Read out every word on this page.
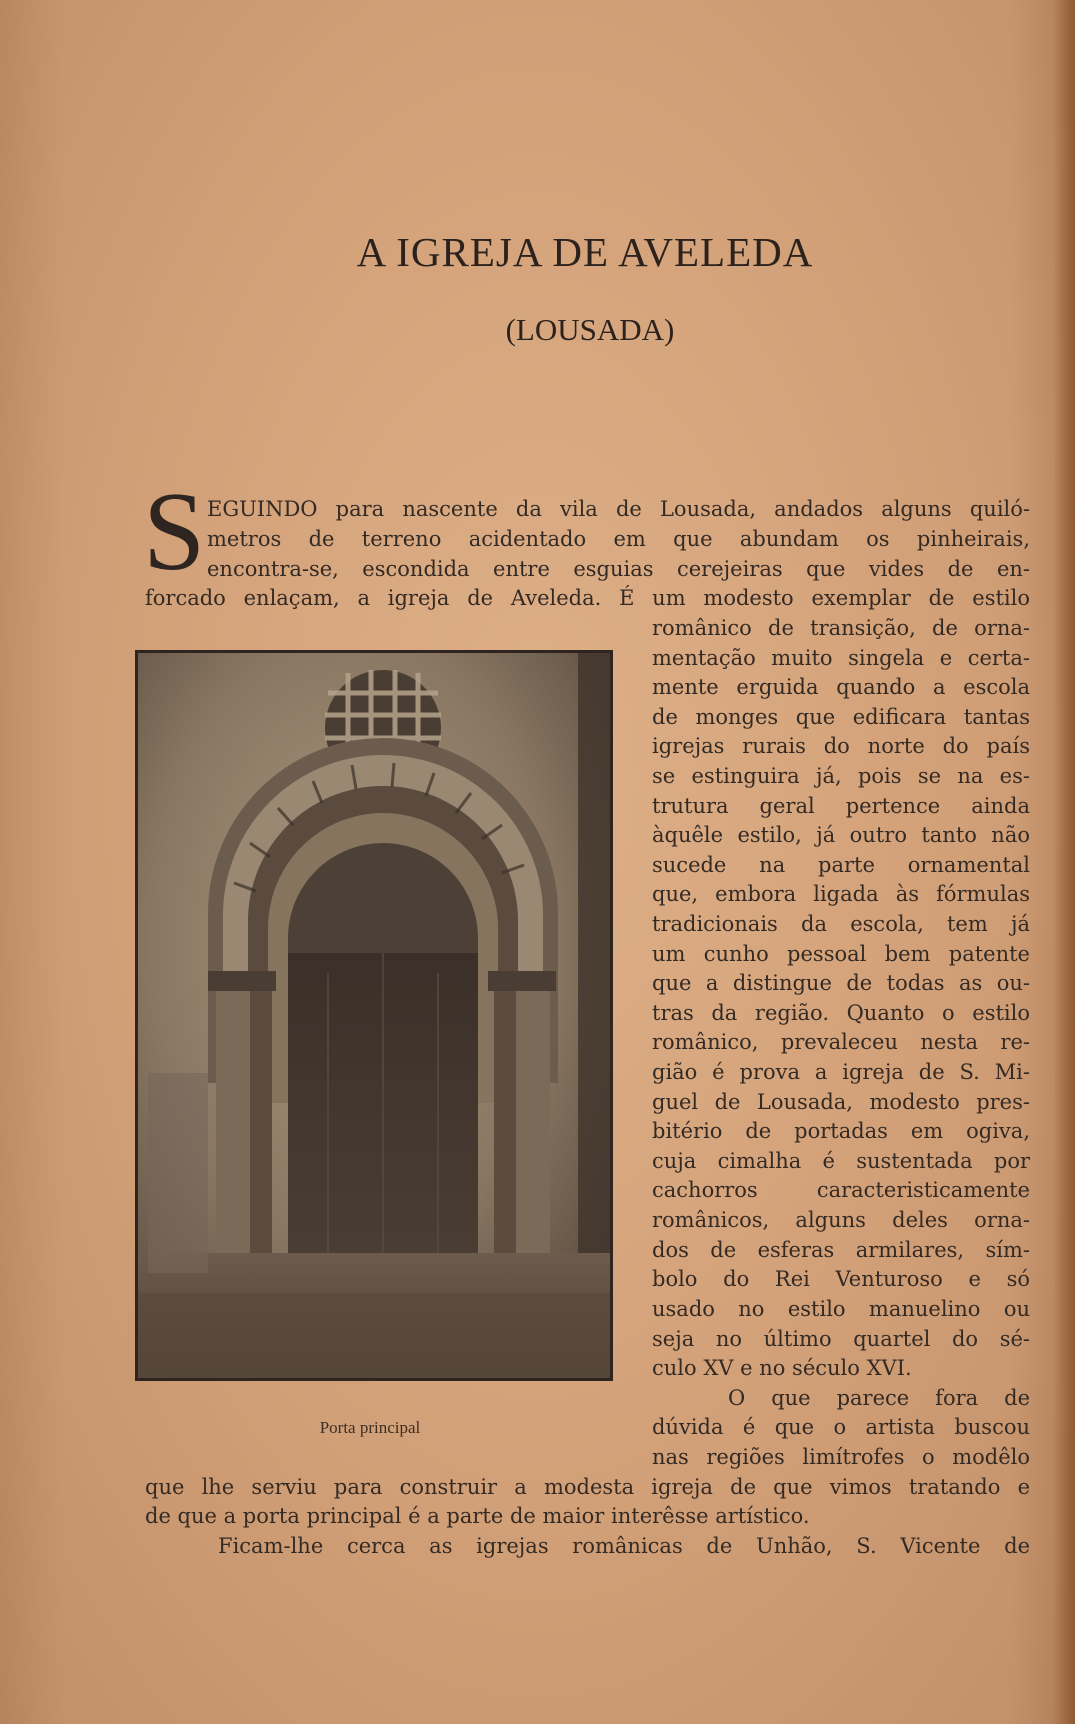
A IGREJA DE AVELEDA
(LOUSADA)
S EGUINDO para nascente da vila de Lousada, andados alguns quiló-
metros de terreno acidentado em que abundam os pinheirais,
encontra-se, escondida entre esguias cerejeiras que vides de en-
forcado enlaçam, a igreja de Aveleda. É um modesto exemplar de estilo
românico de transição, de orna-
mentação muito singela e certa-
mente erguida quando a escola
de monges que edificara tantas
igrejas rurais do norte do país
se estinguira já, pois se na es-
trutura geral pertence ainda
àquêle estilo, já outro tanto não
sucede na parte ornamental
que, embora ligada às fórmulas
tradicionais da escola, tem já
um cunho pessoal bem patente
que a distingue de todas as ou-
tras da região. Quanto o estilo
românico, prevaleceu nesta re-
gião é prova a igreja de S. Mi-
guel de Lousada, modesto pres-
bitério de portadas em ogiva,
cuja cimalha é sustentada por
cachorros caracteristicamente
românicos, alguns deles orna-
dos de esferas armilares, sím-
bolo do Rei Venturoso e só
usado no estilo manuelino ou
seja no último quartel do sé-
culo XV e no século XVI.
O que parece fora de
dúvida é que o artista buscou
nas regiões limítrofes o modêlo
que lhe serviu para construir a modesta igreja de que vimos tratando e
de que a porta principal é a parte de maior interêsse artístico.
Ficam-lhe cerca as igrejas românicas de Unhão, S. Vicente de
Porta principal
